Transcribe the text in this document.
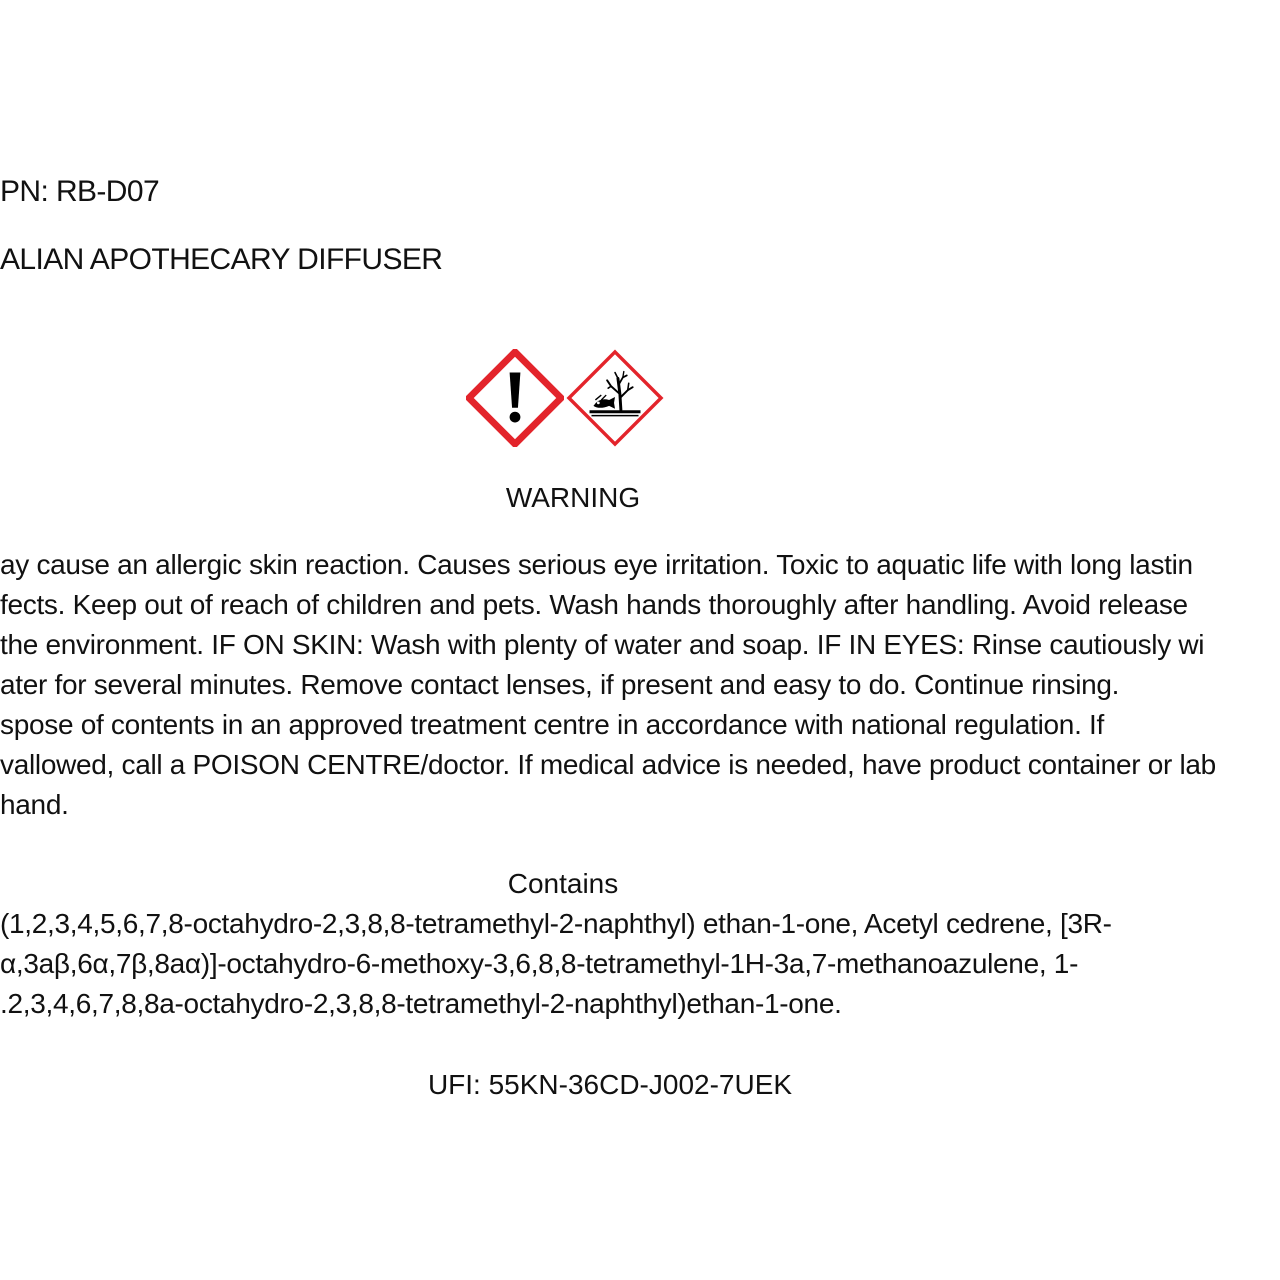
PN: RB-D07
ALIAN APOTHECARY DIFFUSER
WARNING

ay cause an allergic skin reaction. Causes serious eye irritation. Toxic to aquatic life with long lastin
fects. Keep out of reach of children and pets. Wash hands thoroughly after handling. Avoid release
the environment. IF ON SKIN: Wash with plenty of water and soap. IF IN EYES: Rinse cautiously wi
ater for several minutes. Remove contact lenses, if present and easy to do. Continue rinsing.
spose of contents in an approved treatment centre in accordance with national regulation. If
vallowed, call a POISON CENTRE/doctor. If medical advice is needed, have product container or lab
hand.

Contains

(1,2,3,4,5,6,7,8-octahydro-2,3,8,8-tetramethyl-2-naphthyl) ethan-1-one, Acetyl cedrene, [3R-
α,3aβ,6α,7β,8aα)]-octahydro-6-methoxy-3,6,8,8-tetramethyl-1H-3a,7-methanoazulene, 1-
.2,3,4,6,7,8,8a-octahydro-2,3,8,8-tetramethyl-2-naphthyl)ethan-1-one.

UFI: 55KN-36CD-J002-7UEK
